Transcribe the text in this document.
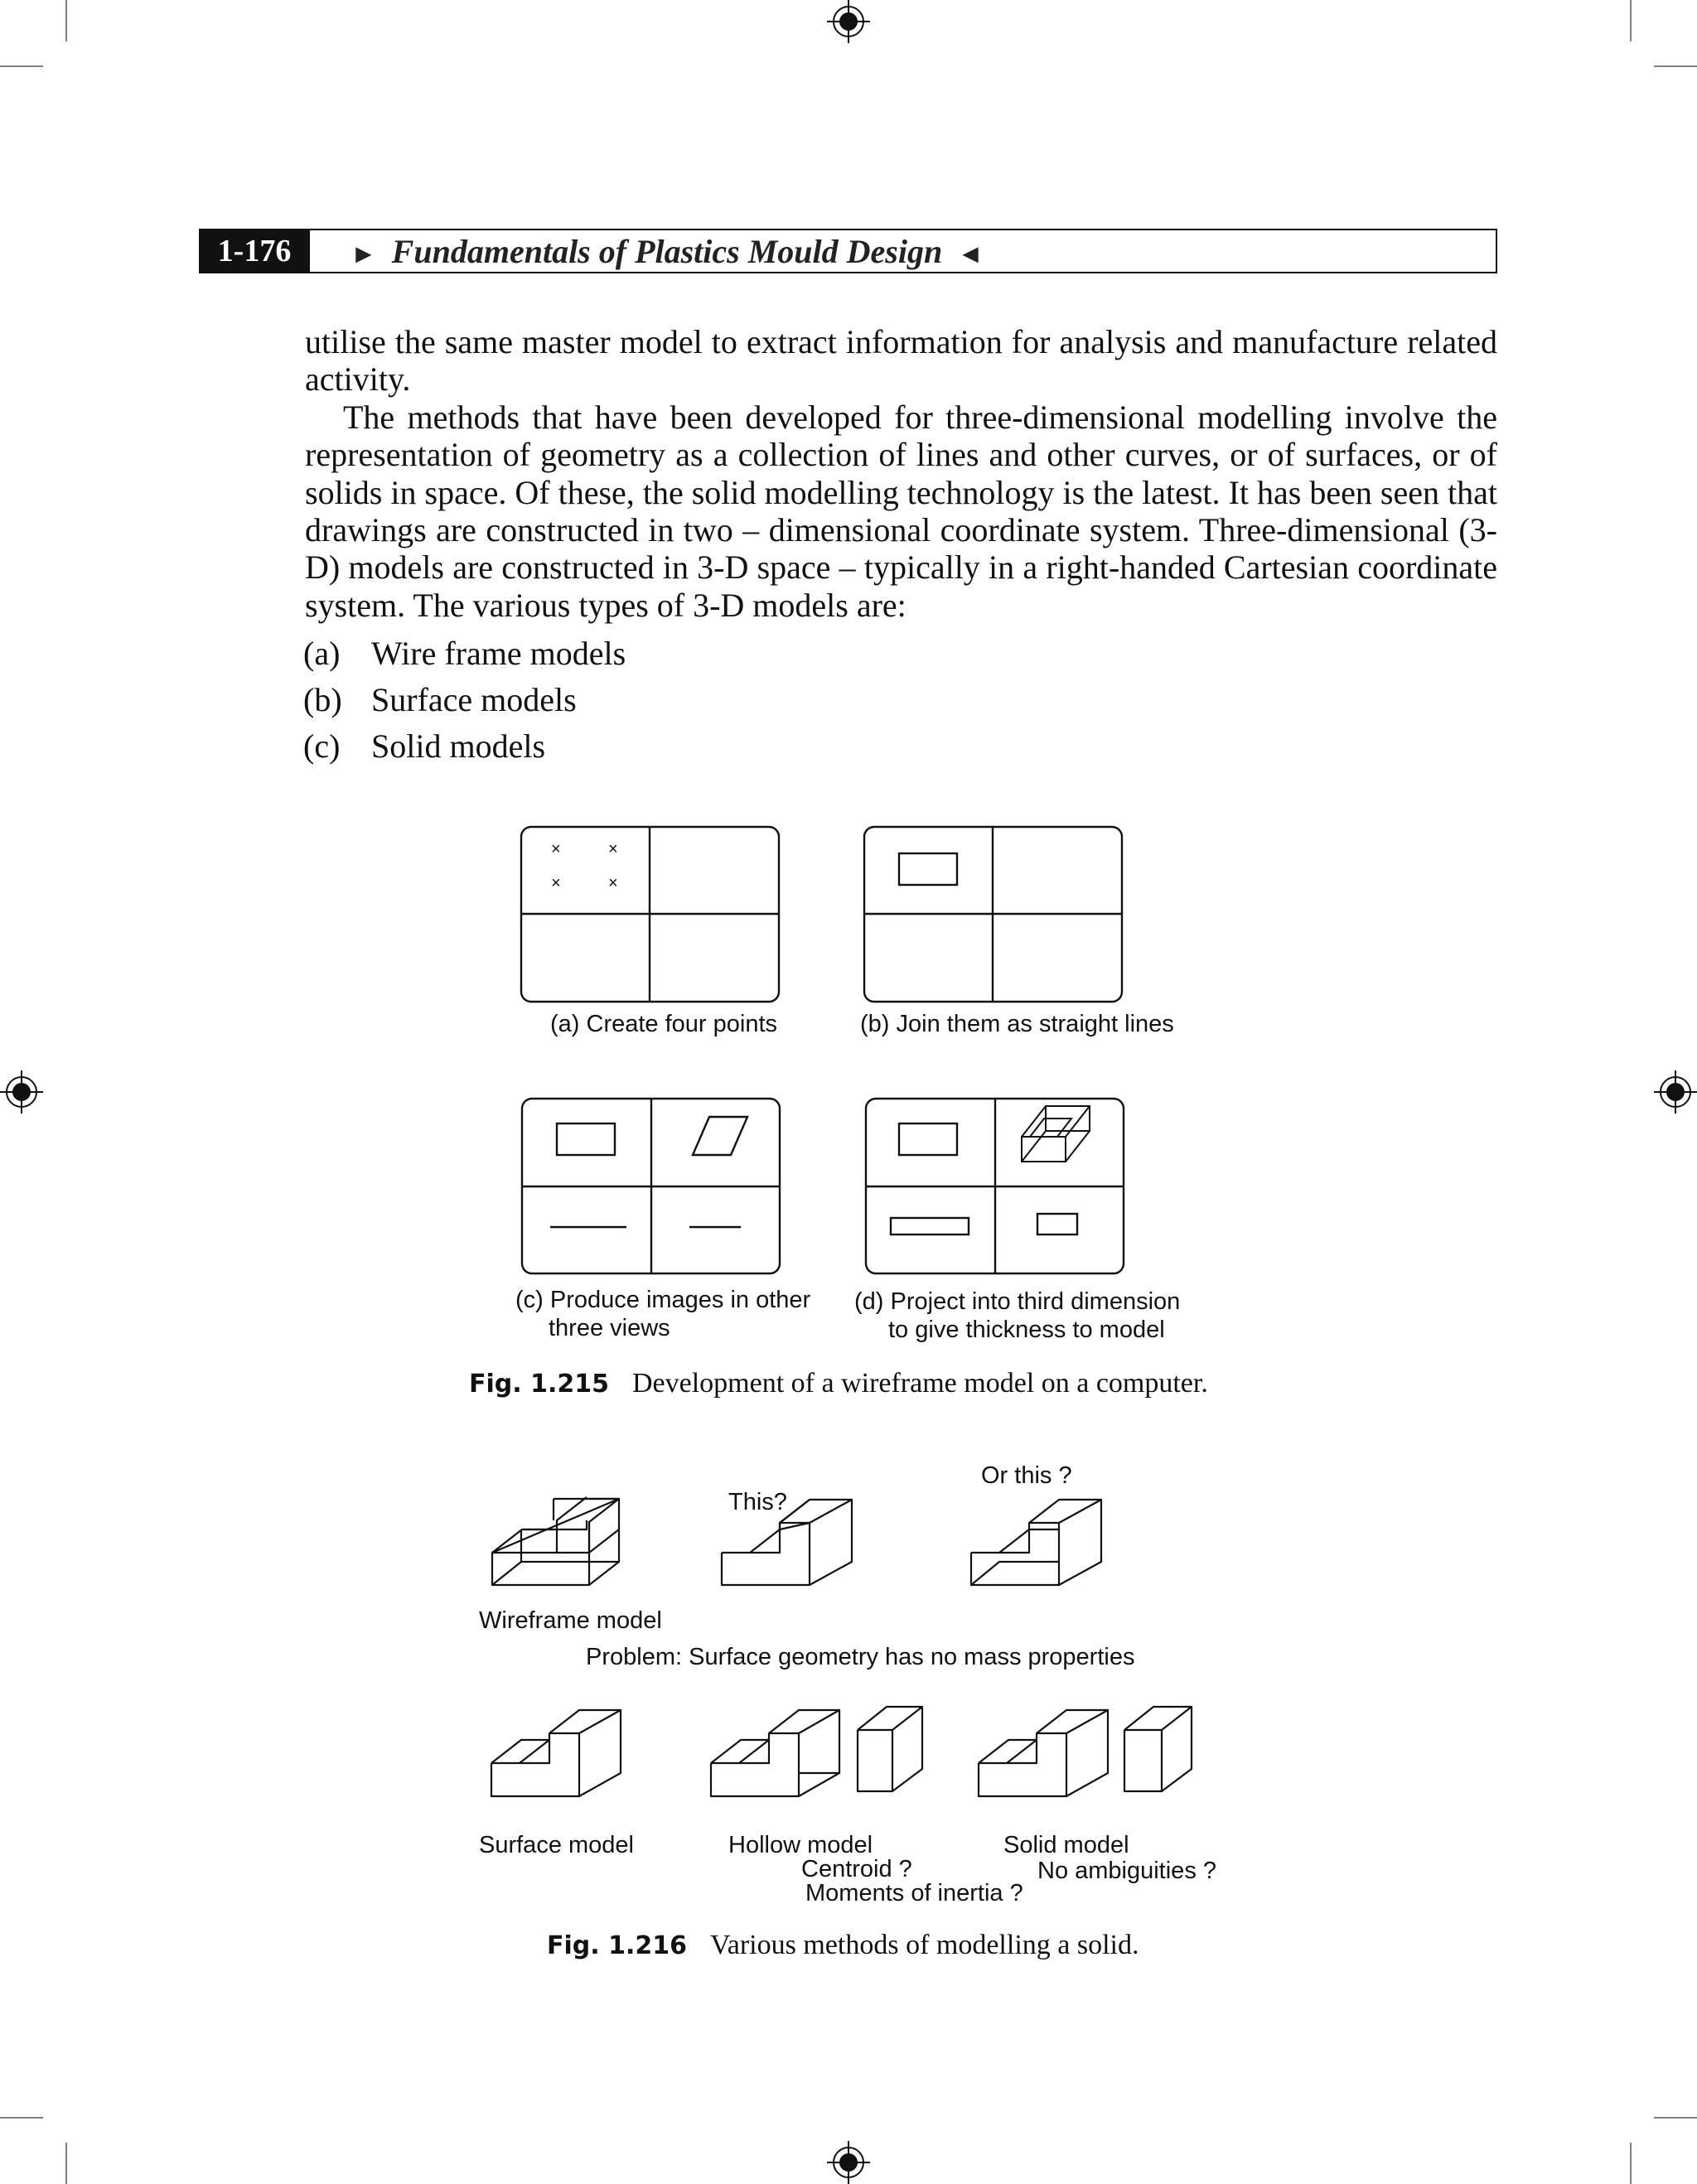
1-176	► Fundamentals of Plastics Mould Design ◄

utilise the same master model to extract information for analysis and manufacture related activity.

The methods that have been developed for three-dimensional modelling involve the representation of geometry as a collection of lines and other curves, or of surfaces, or of solids in space. Of these, the solid modelling technology is the latest. It has been seen that drawings are constructed in two – dimensional coordinate system. Three-dimensional (3-D) models are constructed in 3-D space – typically in a right-handed Cartesian coordinate system. The various types of 3-D models are:

(a) Wire frame models
(b) Surface models
(c) Solid models
×	×
×	×
(a) Create four points	(b) Join them as straight lines
(c) Produce images in other
three views
(d) Project into third dimension
to give thickness to model
Fig. 1.215 Development of a wireframe model on a computer.
This?
Or this ?
Wireframe model
Problem: Surface geometry has no mass properties
Surface model	Hollow model
Centroid ?
Moments of inertia ?
Solid model
No ambiguities ?
Fig. 1.216 Various methods of modelling a solid.
